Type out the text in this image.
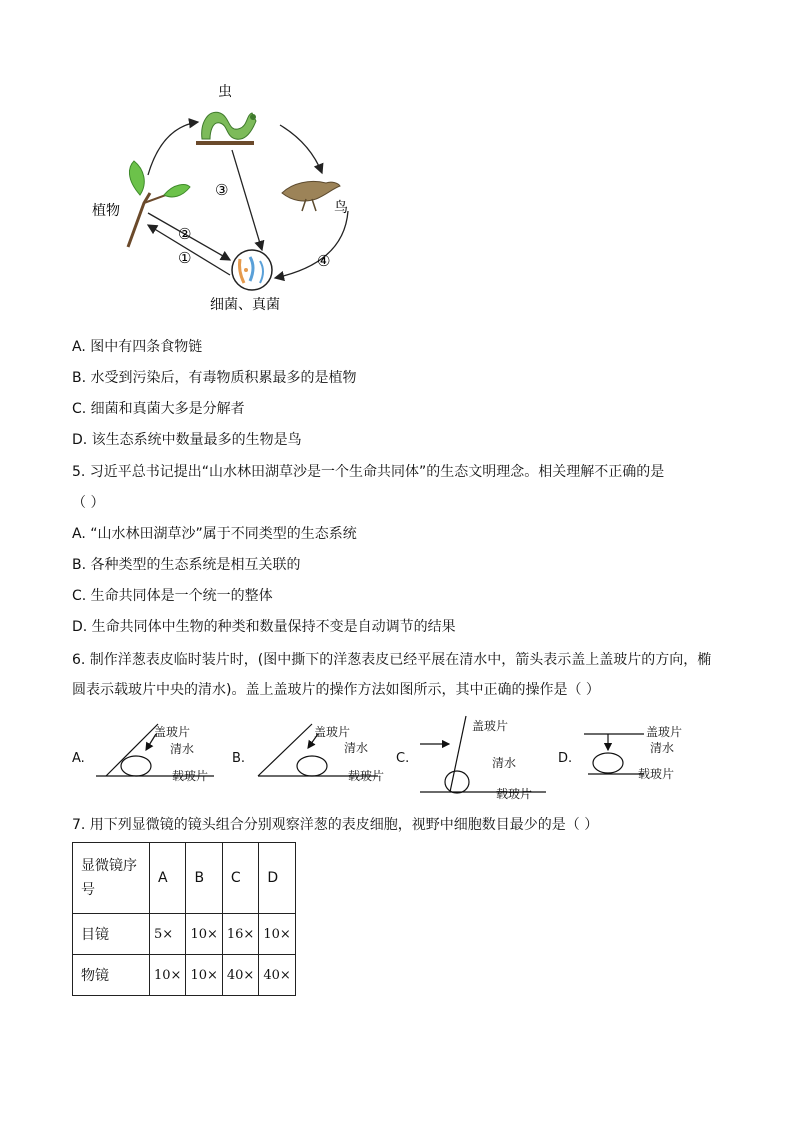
虫
植物	鸟
细菌、真菌
①
②
③
④
A. 图中有四条食物链
B. 水受到污染后，有毒物质积累最多的是植物
C. 细菌和真菌大多是分解者
D. 该生态系统中数量最多的生物是鸟
5. 习近平总书记提出“山水林田湖草沙是一个生命共同体”的生态文明理念。相关理解不正确的是
（ ）
A. “山水林田湖草沙”属于不同类型的生态系统
B. 各种类型的生态系统是相互关联的
C. 生命共同体是一个统一的整体
D. 生命共同体中生物的种类和数量保持不变是自动调节的结果
6. 制作洋葱表皮临时装片时，(图中撕下的洋葱表皮已经平展在清水中，箭头表示盖上盖玻片的方向，椭
圆表示载玻片中央的清水)。盖上盖玻片的操作方法如图所示，其中正确的操作是（ ）
A.
盖玻片
清水
载玻片
B.
盖玻片
清水
载玻片
C.
盖玻片
清水
载玻片
D.
盖玻片
清水
载玻片
7. 用下列显微镜的镜头组合分别观察洋葱的表皮细胞，视野中细胞数目最少的是（ ）
显微镜序
号	A	B	C	D
目镜	5×	10×	16×	10×
物镜	10×	10×	40×	40×
